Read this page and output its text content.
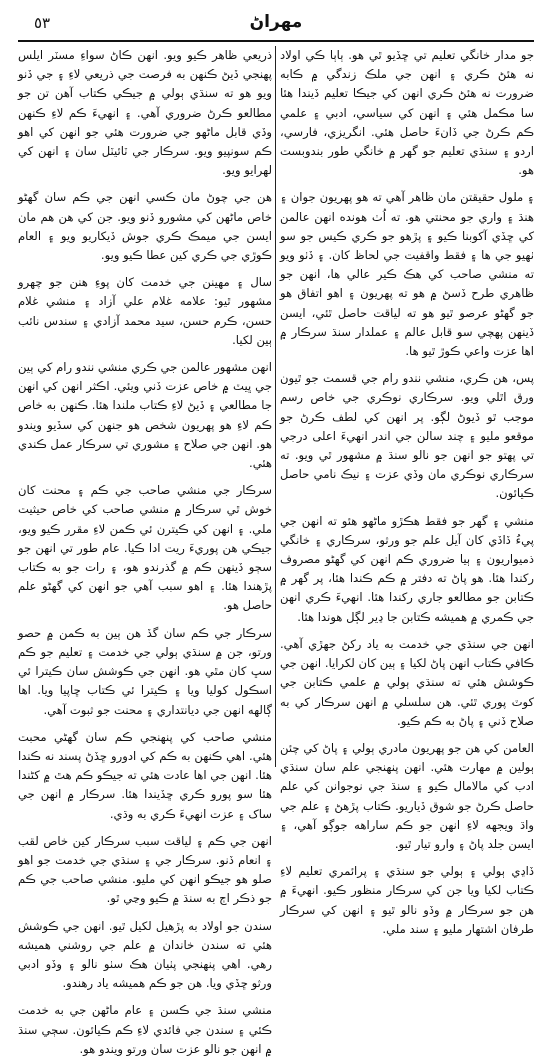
مهراڻ
٥٣

جو مدار خانگي تعليم تي ڇڏيو ٿي هو. ٻاٻا ڪي اولاد نه هئڻ ڪري ۽ انهن جي ملڪ زندگي ۾ ڪابه ضرورت نه هئڻ ڪري انهن کي جيڪا تعليم ڏيندا هئا سا مڪمل هئي ۽ انهن کي سياسي، ادبي ۽ علمي ڪم ڪرڻ جي ڏانءَ حاصل هئي. انگريزي، فارسي، اردو ۽ سنڌي تعليم جو گهر ۾ خانگي طور بندوبست هو.

۽ ملول حقيقتن مان ظاهر آهي ته هو پهريون جوان ۽ هنڌ ۽ واري جو محنتي هو. ته اُٺ هونده انهن عالمن کي ڇڏي آکوبنا ڪيو ۽ پڙهو جو ڪري ڪيس جو سو ٺهيو جي ها ۽ فقط واقفيت جي لحاظ کان. ۽ ڏٺو ويو ته منشي صاحب کي هڪ ڪير عالي ها، انهن جو ظاهري طرح ڏسڻ ۾ هو ته پهريون ۽ اهو اتفاق هو جو گهڻو عرصو ٿيو هو ته لياقت حاصل ٿئي، ايسن ڏينهن پهچي سو قابل عالم ۽ عملدار سنڌ سرڪار ۾ اها عزت واعي ڪوڙ ٿيو ها.

پس، هن ڪري، منشي نندو رام جي قسمت جو ٿيون ورق اٿلي ويو. سرڪاري نوڪري جي خاص رسم موجب ٿو ڏيوڻ لڳو. پر انهن کي لطف ڪرڻ جو موقعو مليو ۽ چند سالن جي اندر انهيءَ اعلى درجي تي پهتو جو انهن جو نالو سنڌ ۾ مشهور ٿي ويو. ته سرڪاري نوڪري مان وڏي عزت ۽ نيڪ نامي حاصل ڪيائون.

منشي ۽ گهر جو فقط هڪڙو ماڻهو هئو ته انهن جي پيءُ ڏاڏي کان آيل علم جو ورثو، سرڪاري ۽ خانگي ذميواريون ۽ ٻيا ضروري ڪم انهن کي گهڻو مصروف رکندا هئا. هو پاڻ ته دفتر ۾ ڪم ڪندا هئا، پر گهر ۾ ڪتابن جو مطالعو جاري رکندا هئا. انهيءَ ڪري انهن جي ڪمري ۾ هميشه ڪتابن جا ڍير لڳل هوندا هئا.

انهن جي سنڌي جي خدمت به ياد رکڻ جهڙي آهي. ڪافي ڪتاب انهن پاڻ لکيا ۽ ٻين کان لکرايا. انهن جي ڪوشش هئي ته سنڌي ٻولي ۾ علمي ڪتابن جي کوٽ پوري ٿئي. هن سلسلي ۾ انهن سرڪار کي به صلاح ڏني ۽ پاڻ به ڪم ڪيو.

العامن کي هن جو پهريون مادري ٻولي ۽ پاڻ کي چئن ٻولين ۾ مهارت هئي. انهن پنهنجي علم سان سنڌي ادب کي مالامال ڪيو ۽ سنڌ جي نوجوانن کي علم حاصل ڪرڻ جو شوق ڏياريو. ڪتاب پڙهڻ ۽ علم جي واڌ ويجهه لاءِ انهن جو ڪم ساراهه جوڳو آهي، ۽ ايسن جلد پاڻ ۽ وارو تيار ٿيو.

ڏاڍي ٻولي ۽ ٻولي جو سنڌي ۽ پرائمري تعليم لاءِ ڪتاب لکيا ويا جن کي سرڪار منظور ڪيو. انهيءَ ۾ هن جو سرڪار ۾ وڏو نالو ٿيو ۽ انهن کي سرڪار طرفان اشتهار مليو ۽ سند ملي.

ذريعي ظاهر ڪيو ويو. انهن ڪاڻ سواءِ مسٽر ايلس پهنجي ڏيڻ ڪنهن به فرصت جي ذريعي لاءِ ۽ جي ڏنو ويو هو ته سنڌي ٻولي ۾ جيڪي ڪتاب آهن تن جو مطالعو ڪرڻ ضروري آهي. ۽ انهيءَ ڪم لاءِ ڪنهن وڏي قابل ماڻهو جي ضرورت هئي جو انهن کي اهو ڪم سونپيو ويو. سرڪار جي ٽائيٽل سان ۽ انهن کي لهرايو ويو.

هن جي چوڻ مان ڪسي انهن جي ڪم سان گهڻو خاص ماڻهن کي مشورو ڏنو ويو. جن کي هن هم مان ايسن جي ميمڪ ڪري جوش ڏيکاريو ويو ۽ العام ڪوڙي جي ڪري کين عطا ڪيو ويو.

سال ۽ مهينن جي خدمت کان پوءِ هنن جو چهرو مشهور ٿيو: علامه غلام علي آزاد ۽ منشي غلام حسن، ڪرم حسن، سيد محمد آزادي ۽ سندس نائب ٻين لکيا.

انهن مشهور عالمن جي ڪري منشي نندو رام کي ٻين جي ڀيٽ ۾ خاص عزت ڏني ويئي. اڪثر انهن کي انهن جا مطالعي ۽ ڏيڻ لاءِ ڪتاب ملندا هئا. ڪنهن به خاص ڪم لاءِ هو پهريون شخص هو جنهن کي سڏيو ويندو هو. انهن جي صلاح ۽ مشوري تي سرڪار عمل ڪندي هئي.

سرڪار جي منشي صاحب جي ڪم ۽ محنت کان خوش ٿي سرڪار ۾ منشي صاحب کي خاص حيثيت ملي. ۽ انهن کي ڪيترن ئي ڪمن لاءِ مقرر ڪيو ويو، جيڪي هن پوريءَ ريت ادا ڪيا. عام طور تي انهن جو سڄو ڏينهن ڪم ۾ گذرندو هو، ۽ رات جو به ڪتاب پڙهندا هئا. ۽ اهو سبب آهي جو انهن کي گهڻو علم حاصل هو.

سرڪار جي ڪم سان گڏ هن ٻين به ڪمن ۾ حصو ورتو، جن ۾ سنڌي ٻولي جي خدمت ۽ تعليم جو ڪم سڀ کان مٿي هو. انهن جي ڪوشش سان ڪيترا ئي اسڪول کوليا ويا ۽ ڪيترا ئي ڪتاب ڇاپيا ويا. اها ڳالهه انهن جي ديانتداري ۽ محنت جو ثبوت آهي.

منشي صاحب کي پنهنجي ڪم سان گهڻي محبت هئي. اهي ڪنهن به ڪم کي ادورو ڇڏڻ پسند نه ڪندا هئا. انهن جي اها عادت هئي ته جيڪو ڪم هٿ ۾ کڻندا هئا سو پورو ڪري ڇڏيندا هئا. سرڪار ۾ انهن جي ساک ۽ عزت انهيءَ ڪري به وڌي.

انهن جي ڪم ۽ لياقت سبب سرڪار کين خاص لقب ۽ انعام ڏنو. سرڪار جي ۽ سنڌي جي خدمت جو اهو صلو هو جيڪو انهن کي مليو. منشي صاحب جي ڪم جو ذڪر اڄ به سنڌ ۾ ڪيو وڃي ٿو.

سندن جو اولاد به پڙهيل لکيل ٿيو. انهن جي ڪوشش هئي ته سندن خاندان ۾ علم جي روشني هميشه رهي. اهي پنهنجي پٺيان هڪ سٺو نالو ۽ وڏو ادبي ورثو ڇڏي ويا. هن جو ڪم هميشه ياد رهندو.

منشي سنڌ جي ڪسن ۽ عام ماڻهن جي به خدمت ڪئي ۽ سندن جي فائدي لاءِ ڪم ڪيائون. سڄي سنڌ ۾ انهن جو نالو عزت سان ورتو ويندو هو.
